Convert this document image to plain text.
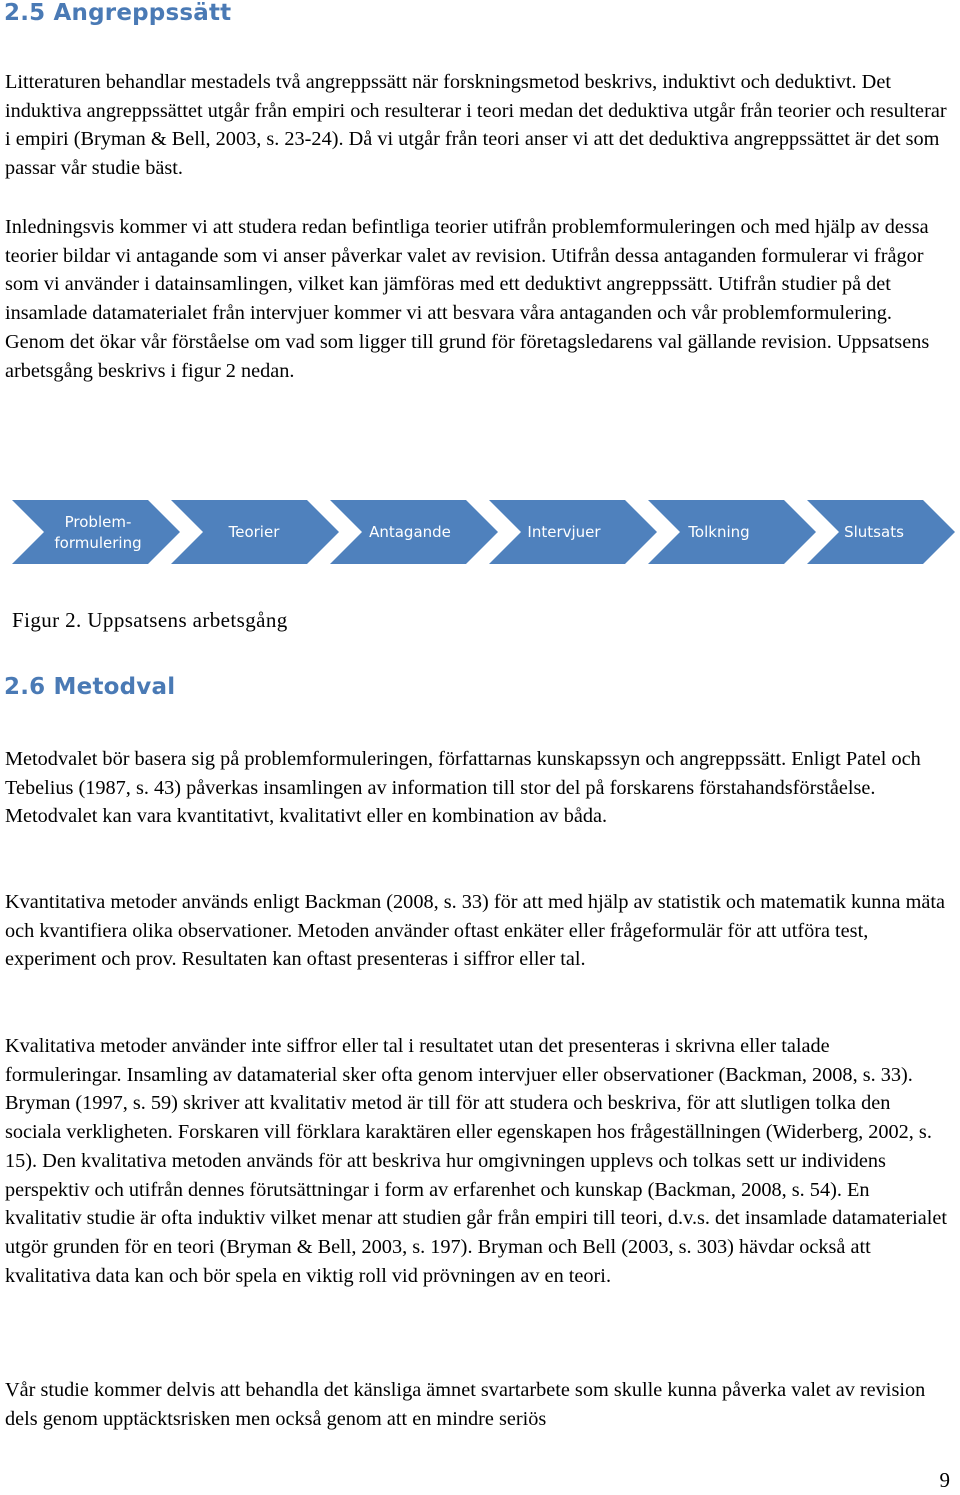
2.5 Angreppssätt

Litteraturen behandlar mestadels två angreppssätt när forskningsmetod beskrivs, induktivt och deduktivt. Det induktiva angreppssättet utgår från empiri och resulterar i teori medan det deduktiva utgår från teorier och resulterar i empiri (Bryman & Bell, 2003, s. 23-24). Då vi utgår från teori anser vi att det deduktiva angreppssättet är det som passar vår studie bäst.

Inledningsvis kommer vi att studera redan befintliga teorier utifrån problemformuleringen och med hjälp av dessa teorier bildar vi antagande som vi anser påverkar valet av revision. Utifrån dessa antaganden formulerar vi frågor som vi använder i datainsamlingen, vilket kan jämföras med ett deduktivt angreppssätt. Utifrån studier på det insamlade datamaterialet från intervjuer kommer vi att besvara våra antaganden och vår problemformulering. Genom det ökar vår förståelse om vad som ligger till grund för företagsledarens val gällande revision. Uppsatsens arbetsgång beskrivs i figur 2 nedan.

Problem-
formulering
Teorier	Antagande	Intervjuer	Tolkning	Slutsats

Figur 2. Uppsatsens arbetsgång

2.6 Metodval

Metodvalet bör basera sig på problemformuleringen, författarnas kunskapssyn och angreppssätt. Enligt Patel och Tebelius (1987, s. 43) påverkas insamlingen av information till stor del på forskarens förstahandsförståelse. Metodvalet kan vara kvantitativt, kvalitativt eller en kombination av båda.

Kvantitativa metoder används enligt Backman (2008, s. 33) för att med hjälp av statistik och matematik kunna mäta och kvantifiera olika observationer. Metoden använder oftast enkäter eller frågeformulär för att utföra test, experiment och prov. Resultaten kan oftast presenteras i siffror eller tal.

Kvalitativa metoder använder inte siffror eller tal i resultatet utan det presenteras i skrivna eller talade formuleringar. Insamling av datamaterial sker ofta genom intervjuer eller observationer (Backman, 2008, s. 33). Bryman (1997, s. 59) skriver att kvalitativ metod är till för att studera och beskriva, för att slutligen tolka den sociala verkligheten. Forskaren vill förklara karaktären eller egenskapen hos frågeställningen (Widerberg, 2002, s. 15). Den kvalitativa metoden används för att beskriva hur omgivningen upplevs och tolkas sett ur individens perspektiv och utifrån dennes förutsättningar i form av erfarenhet och kunskap (Backman, 2008, s. 54). En kvalitativ studie är ofta induktiv vilket menar att studien går från empiri till teori, d.v.s. det insamlade datamaterialet utgör grunden för en teori (Bryman & Bell, 2003, s. 197). Bryman och Bell (2003, s. 303) hävdar också att kvalitativa data kan och bör spela en viktig roll vid prövningen av en teori.

Vår studie kommer delvis att behandla det känsliga ämnet svartarbete som skulle kunna påverka valet av revision dels genom upptäcktsrisken men också genom att en mindre seriös

9
